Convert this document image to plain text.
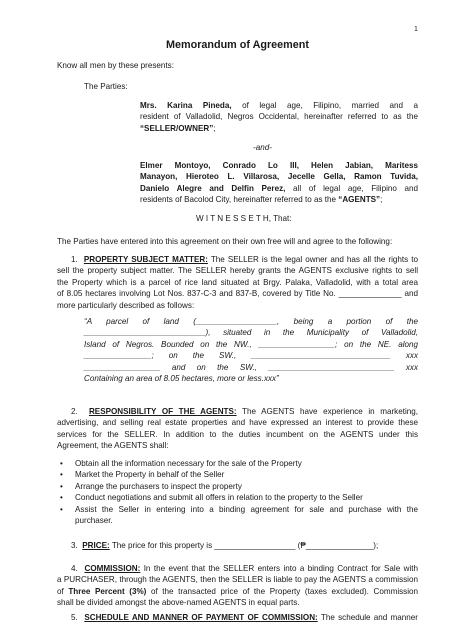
1
Memorandum of Agreement
Know all men by these presents:
The Parties:

Mrs. Karina Pineda, of legal age, Filipino, married and a

resident of Valladolid, Negros Occidental, hereinafter referred to as the

“SELLER/OWNER”;

-and-

Elmer Montoyo, Conrado Lo III, Helen Jabian, Maritess

Manayon, Hieroteo L. Villarosa, Jecelle Gella, Ramon Tuvida,

Danielo Alegre and Delfin Perez, all of legal age, Filipino and

residents of Bacolod City, hereinafter referred to as the “AGENTS”;

W I T N E S S E T H, That:
The Parties have entered into this agreement on their own free will and agree to the following:

1. PROPERTY SUBJECT MATTER: The SELLER is the legal owner and has all the rights to

sell the property subject matter. The SELLER hereby grants the AGENTS exclusive rights to sell

the Property which is a parcel of rice land situated at Brgy. Palaka, Valladolid, with a total area

of 8.05 hectares involving Lot Nos. 837-C-3 and 837-B, covered by Title No. ______________ and

more particularly described as follows:

“A parcel of land (__________________, being a portion of the

___________________________), situated in the Municipality of Valladolid,

Island of Negros. Bounded on the NW., _________________; on the NE. along

_______________; on the SW., _______________________________ xxx

_________________ and on the SW., ____________________________ xxx

Containing an area of 8.05 hectares, more or less.xxx”

2. RESPONSIBILITY OF THE AGENTS: The AGENTS have experience in marketing,

advertising, and selling real estate properties and have expressed an interest to provide these

services for the SELLER. In addition to the duties incumbent on the AGENTS under this

Agreement, the AGENTS shall:

• Obtain all the information necessary for the sale of the Property
• Market the Property in behalf of the Seller
• Arrange the purchasers to inspect the property
• Conduct negotiations and submit all offers in relation to the property to the Seller
• Assist the Seller in entering into a binding agreement for sale and purchase with the
purchaser.
3. PRICE: The price for this property is __________________ (₱_______________);

4. COMMISSION: In the event that the SELLER enters into a binding Contract for Sale with

a PURCHASER, through the AGENTS, then the SELLER is liable to pay the AGENTS a commission

of Three Percent (3%) of the transacted price of the Property (taxes excluded). Commission

shall be divided amongst the above-named AGENTS in equal parts.

5. SCHEDULE AND MANNER OF PAYMENT OF COMMISSION: The schedule and manner
